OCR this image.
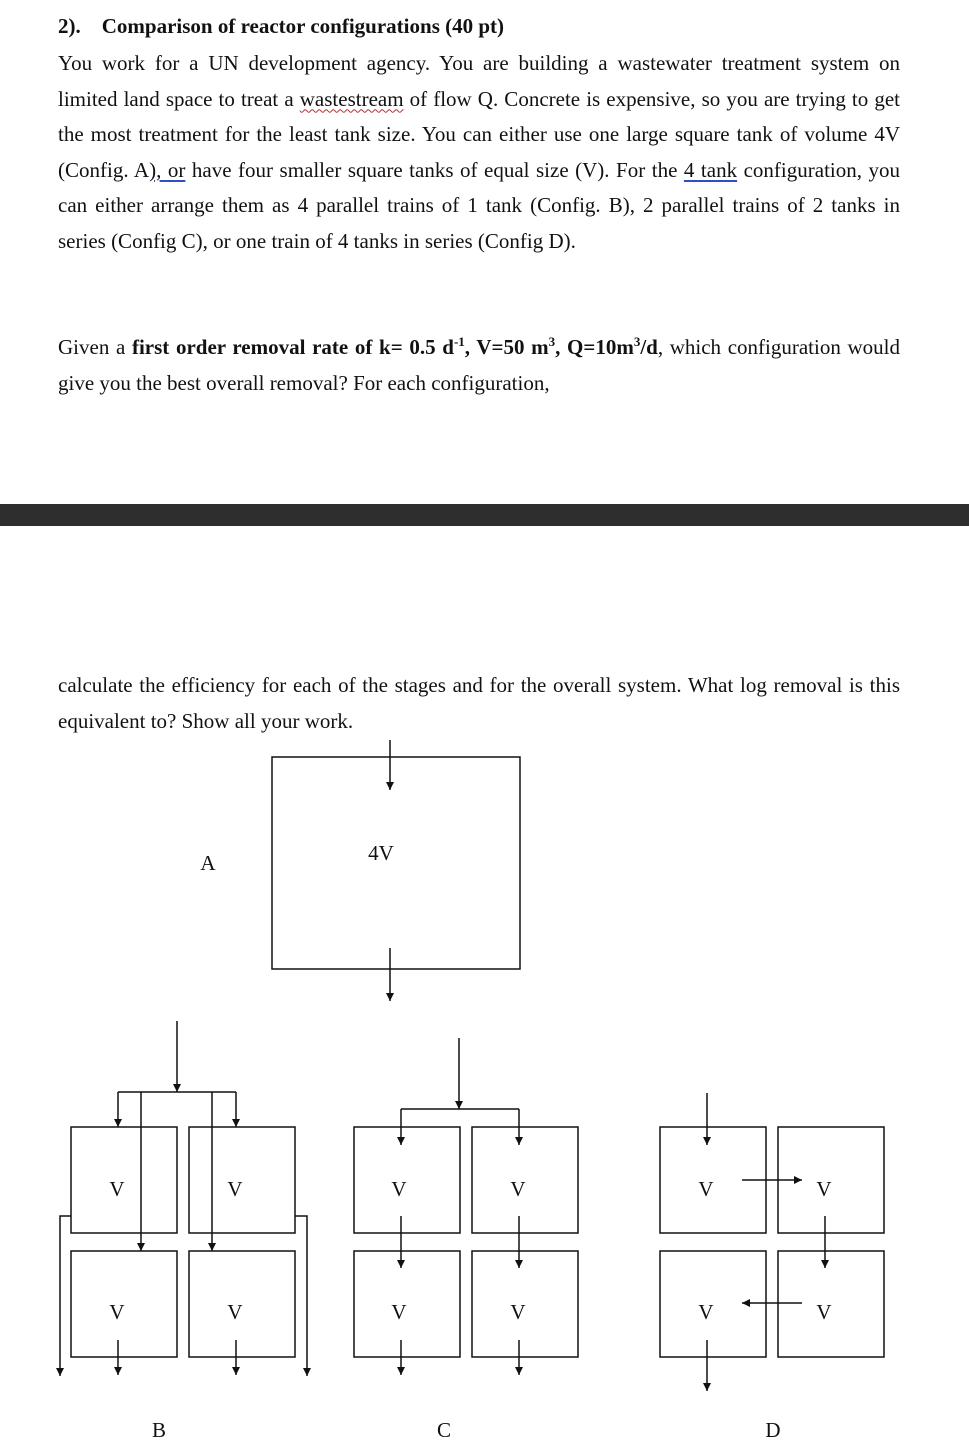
2). Comparison of reactor configurations (40 pt)

You work for a UN development agency. You are building a wastewater treatment system on limited land space to treat a wastestream of flow Q. Concrete is expensive, so you are trying to get the most treatment for the least tank size. You can either use one large square tank of volume 4V (Config. A), or have four smaller square tanks of equal size (V). For the 4 tank configuration, you can either arrange them as 4 parallel trains of 1 tank (Config. B), 2 parallel trains of 2 tanks in series (Config C), or one train of 4 tanks in series (Config D).

Given a first order removal rate of k= 0.5 $d^{-1}$, V=50 $m^3$, $Q=10m^3/d$, which configuration would give you the best overall removal? For each configuration,

calculate the efficiency for each of the stages and for the overall system. What log removal is this equivalent to? Show all your work.

A	4V
V	V
V	V
V	V
V	V
V	V
V	V
B	C	D
